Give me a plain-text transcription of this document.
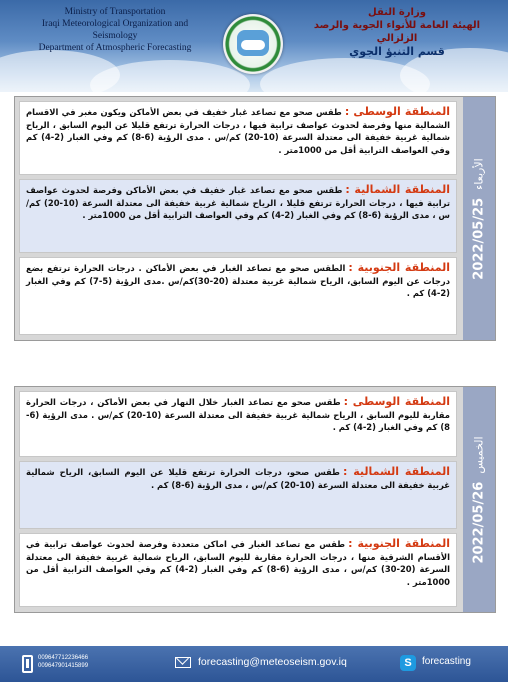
Ministry of Transportation
Iraqi Meteorological Organization and Seismology
Department of Atmospheric Forecasting
وزارة النقل
الهيئة العامة للأنواء الجوية والرصد الزلزالي
قسم التنبؤ الجوي
المنطقة الوسطى :طقس صحو مع تصاعد غبار خفيف في بعض الأماكن ويكون مغبر في الاقسام الشمالية منها وفرصة لحدوث عواصف ترابية فيها ، درجات الحرارة ترتفع قليلا عن اليوم السابق ، الرياح شمالية غربية خفيفة الى معتدلة السرعة (10-20) كم/س . مدى الرؤية (6-8) كم وفي الغبار (2-4) كم وفي العواصف الترابية أقل من 1000متر .
المنطقة الشمالية :طقس صحو مع تصاعد غبار خفيف في بعض الأماكن وفرصة لحدوث عواصف ترابية فيها ، درجات الحرارة ترتفع قليلا ، الرياح شمالية غربية خفيفة الى معتدلة السرعة (10-20) كم/س ، مدى الرؤية (6-8) كم وفي الغبار (2-4) كم وفي العواصف الترابية أقل من 1000متر .
المنطقة الجنوبية :الطقس صحو مع تصاعد الغبار في بعض الأماكن . درجات الحرارة ترتفع بضع درجات عن اليوم السابق، الرياح شمالية غربية معتدلة (20-30)كم/س .مدى الرؤية (5-7) كم وفي الغبار (2-4) كم .
2022/05/25الأربعاء
المنطقة الوسطى :طقس صحو مع تصاعد الغبار خلال النهار في بعض الأماكن ، درجات الحرارة مقاربة لليوم السابق ، الرياح شمالية غربية خفيفة الى معتدلة السرعة (10-20) كم/س . مدى الرؤية (6-8) كم وفي الغبار (2-4) كم .
المنطقة الشمالية :طقس صحو، درجات الحرارة ترتفع قليلا عن اليوم السابق، الرياح شمالية غربية خفيفة الى معتدلة السرعة (10-20) كم/س ، مدى الرؤية (6-8) كم .
المنطقة الجنوبية :طقس مع تصاعد الغبار في اماكن متعددة وفرصة لحدوث عواصف ترابية في الأقسام الشرقية منها ، درجات الحرارة مقاربة لليوم السابق، الرياح شمالية غربية خفيفة الى معتدلة السرعة (20-30) كم/س ، مدى الرؤية (6-8) كم وفي الغبار (2-4) كم وفي العواصف الترابية أقل من 1000متر .
2022/05/26الخميس
009647712236466
009647901415899	forecasting@meteoseism.gov.iq	S	forecasting
